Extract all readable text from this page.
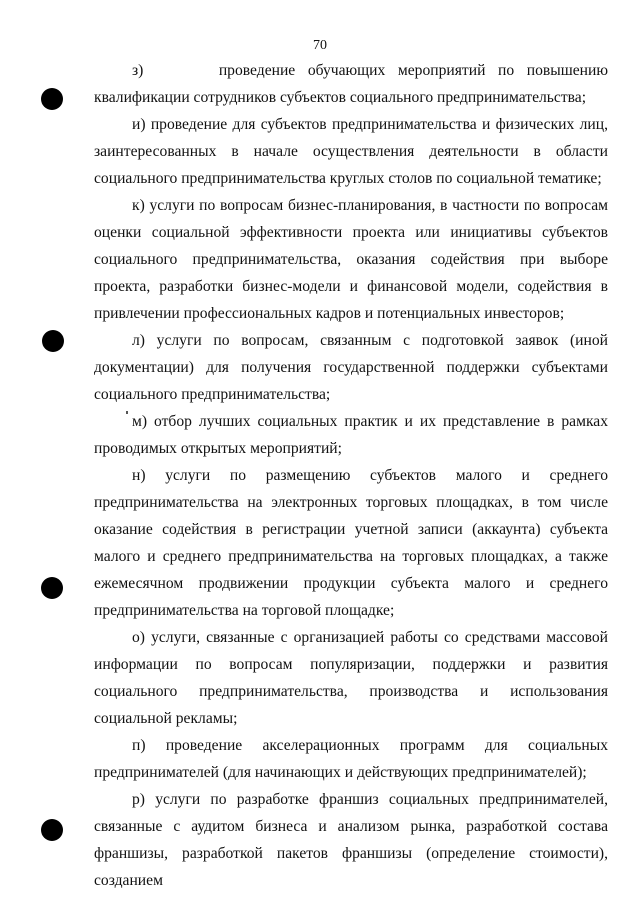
70

з)      проведение обучающих мероприятий по повышению квалификации сотрудников субъектов социального предпринимательства;

и) проведение для субъектов предпринимательства и физических лиц, заинтересованных в начале осуществления деятельности в области социального предпринимательства круглых столов по социальной тематике;

к) услуги по вопросам бизнес-планирования, в частности по вопросам оценки социальной эффективности проекта или инициативы субъектов социального предпринимательства, оказания содействия при выборе проекта, разработки бизнес-модели и финансовой модели, содействия в привлечении профессиональных кадров и потенциальных инвесторов;

л) услуги по вопросам, связанным с подготовкой заявок (иной документации) для получения государственной поддержки субъектами социального предпринимательства;

м) отбор лучших социальных практик и их представление в рамках проводимых открытых мероприятий;

н) услуги по размещению субъектов малого и среднего предпринимательства на электронных торговых площадках, в том числе оказание содействия в регистрации учетной записи (аккаунта) субъекта малого и среднего предпринимательства на торговых площадках, а также ежемесячном продвижении продукции субъекта малого и среднего предпринимательства на торговой площадке;

о) услуги, связанные с организацией работы со средствами массовой информации по вопросам популяризации, поддержки и развития социального предпринимательства, производства и использования социальной рекламы;

п) проведение акселерационных программ для социальных предпринимателей (для начинающих и действующих предпринимателей);

р) услуги по разработке франшиз социальных предпринимателей, связанные с аудитом бизнеса и анализом рынка, разработкой состава франшизы, разработкой пакетов франшизы (определение стоимости), созданием
